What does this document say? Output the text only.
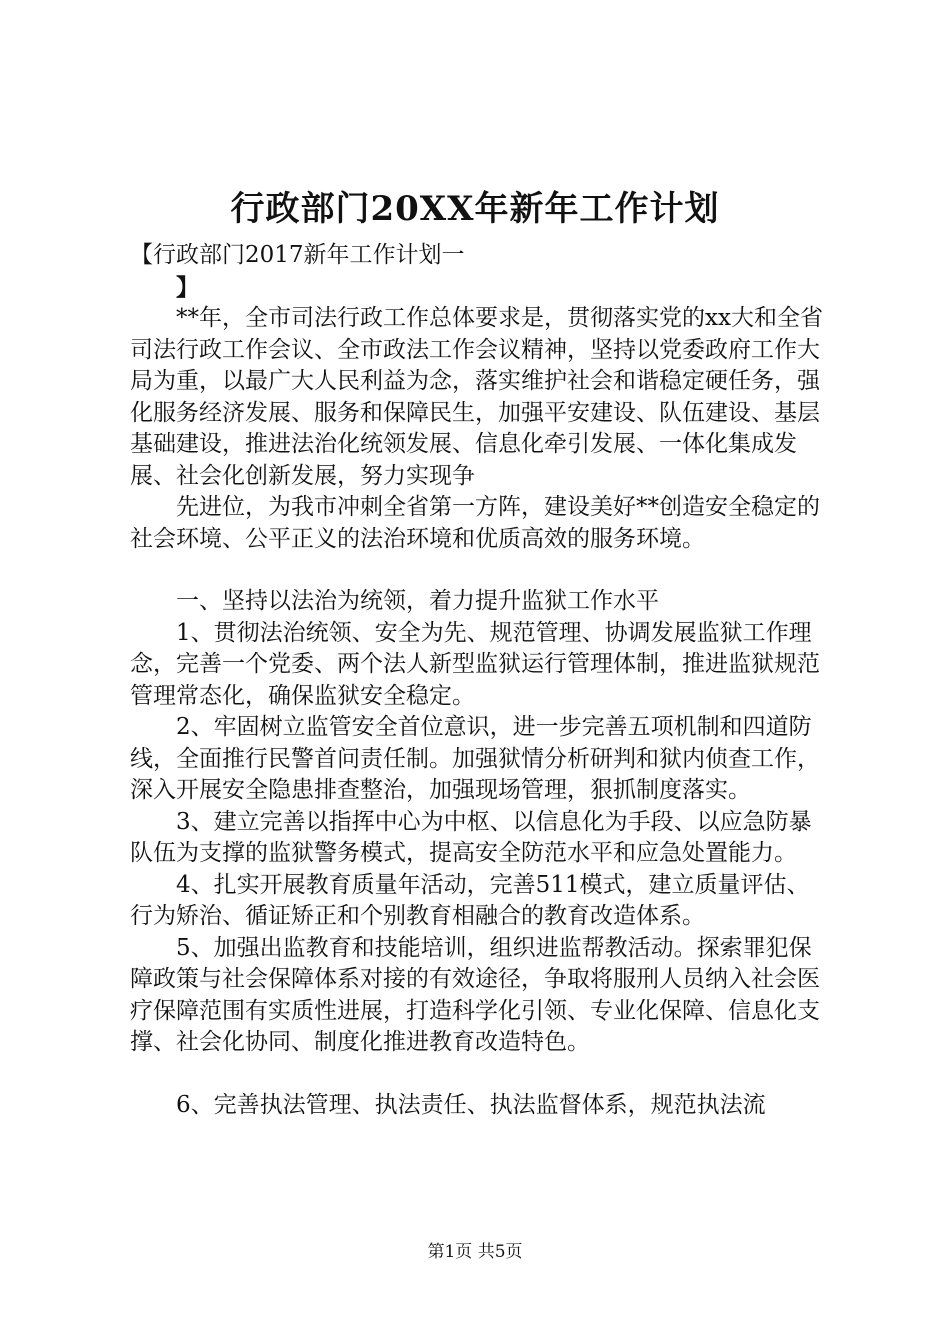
行政部门20XX年新年工作计划

【行政部门2017新年工作计划一

】

**年，全市司法行政工作总体要求是，贯彻落实党的xx大和全省司法行政工作会议、全市政法工作会议精神，坚持以党委政府工作大局为重，以最广大人民利益为念，落实维护社会和谐稳定硬任务，强化服务经济发展、服务和保障民生，加强平安建设、队伍建设、基层基础建设，推进法治化统领发展、信息化牵引发展、一体化集成发展、社会化创新发展，努力实现争

先进位，为我市冲刺全省第一方阵，建设美好**创造安全稳定的社会环境、公平正义的法治环境和优质高效的服务环境。

一、坚持以法治为统领，着力提升监狱工作水平

1、贯彻法治统领、安全为先、规范管理、协调发展监狱工作理念，完善一个党委、两个法人新型监狱运行管理体制，推进监狱规范管理常态化，确保监狱安全稳定。

2、牢固树立监管安全首位意识，进一步完善五项机制和四道防线，全面推行民警首问责任制。加强狱情分析研判和狱内侦查工作，深入开展安全隐患排查整治，加强现场管理，狠抓制度落实。

3、建立完善以指挥中心为中枢、以信息化为手段、以应急防暴队伍为支撑的监狱警务模式，提高安全防范水平和应急处置能力。

4、扎实开展教育质量年活动，完善511模式，建立质量评估、行为矫治、循证矫正和个别教育相融合的教育改造体系。

5、加强出监教育和技能培训，组织进监帮教活动。探索罪犯保障政策与社会保障体系对接的有效途径，争取将服刑人员纳入社会医疗保障范围有实质性进展，打造科学化引领、专业化保障、信息化支撑、社会化协同、制度化推进教育改造特色。

6、完善执法管理、执法责任、执法监督体系，规范执法流

第1页 共5页
